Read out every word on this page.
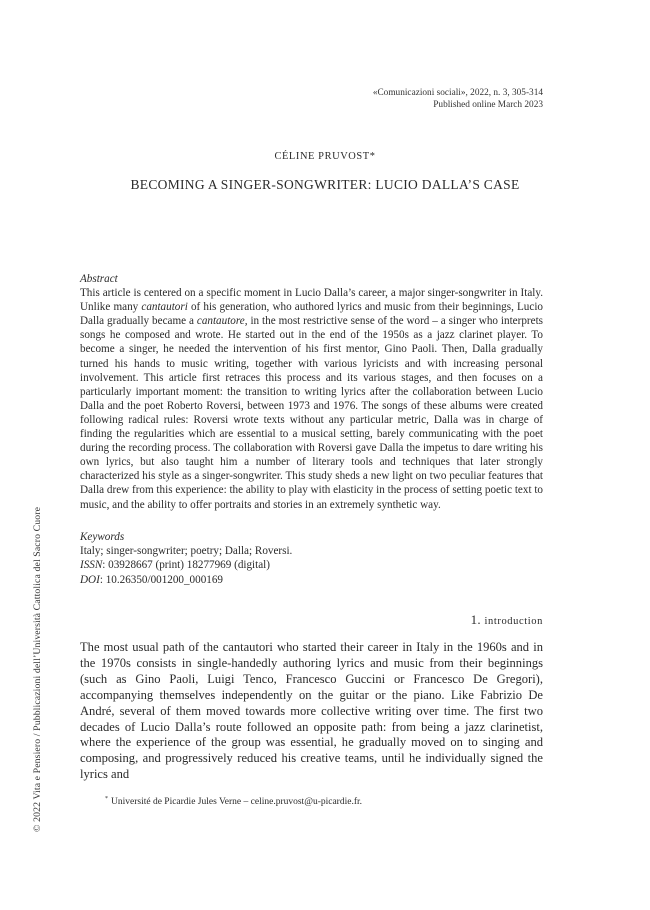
«Comunicazioni sociali», 2022, n. 3, 305-314
Published online March 2023
CÉLINE PRUVOST*
BECOMING A SINGER-SONGWRITER: LUCIO DALLA’S CASE
Abstract
This article is centered on a specific moment in Lucio Dalla’s career, a major singer-songwriter in Italy. Unlike many cantautori of his generation, who authored lyrics and music from their beginnings, Lucio Dalla gradually became a cantautore, in the most restrictive sense of the word – a singer who interprets songs he composed and wrote. He started out in the end of the 1950s as a jazz clarinet player. To become a singer, he needed the intervention of his first mentor, Gino Paoli. Then, Dalla gradually turned his hands to music writing, together with various lyricists and with increasing personal involvement. This article first retraces this process and its various stages, and then focuses on a particularly important moment: the transition to writing lyrics after the collaboration between Lucio Dalla and the poet Roberto Roversi, between 1973 and 1976. The songs of these albums were created following radical rules: Roversi wrote texts without any particular metric, Dalla was in charge of finding the regularities which are essential to a musical setting, barely communicating with the poet during the recording process. The collaboration with Roversi gave Dalla the impetus to dare writing his own lyrics, but also taught him a number of literary tools and techniques that later strongly characterized his style as a singer-songwriter. This study sheds a new light on two peculiar features that Dalla drew from this experience: the ability to play with elasticity in the process of setting poetic text to music, and the ability to offer portraits and stories in an extremely synthetic way.
Keywords
Italy; singer-songwriter; poetry; Dalla; Roversi.
ISSN: 03928667 (print) 18277969 (digital)
DOI: 10.26350/001200_000169
1. introduction
The most usual path of the cantautori who started their career in Italy in the 1960s and in the 1970s consists in single-handedly authoring lyrics and music from their beginnings (such as Gino Paoli, Luigi Tenco, Francesco Guccini or Francesco De Gregori), accompanying themselves independently on the guitar or the piano. Like Fabrizio De André, several of them moved towards more collective writing over time. The first two decades of Lucio Dalla’s route followed an opposite path: from being a jazz clarinetist, where the experience of the group was essential, he gradually moved on to singing and composing, and progressively reduced his creative teams, until he individually signed the lyrics and
* Université de Picardie Jules Verne – celine.pruvost@u-picardie.fr.
© 2022 Vita e Pensiero / Pubblicazioni dell’Università Cattolica del Sacro Cuore
